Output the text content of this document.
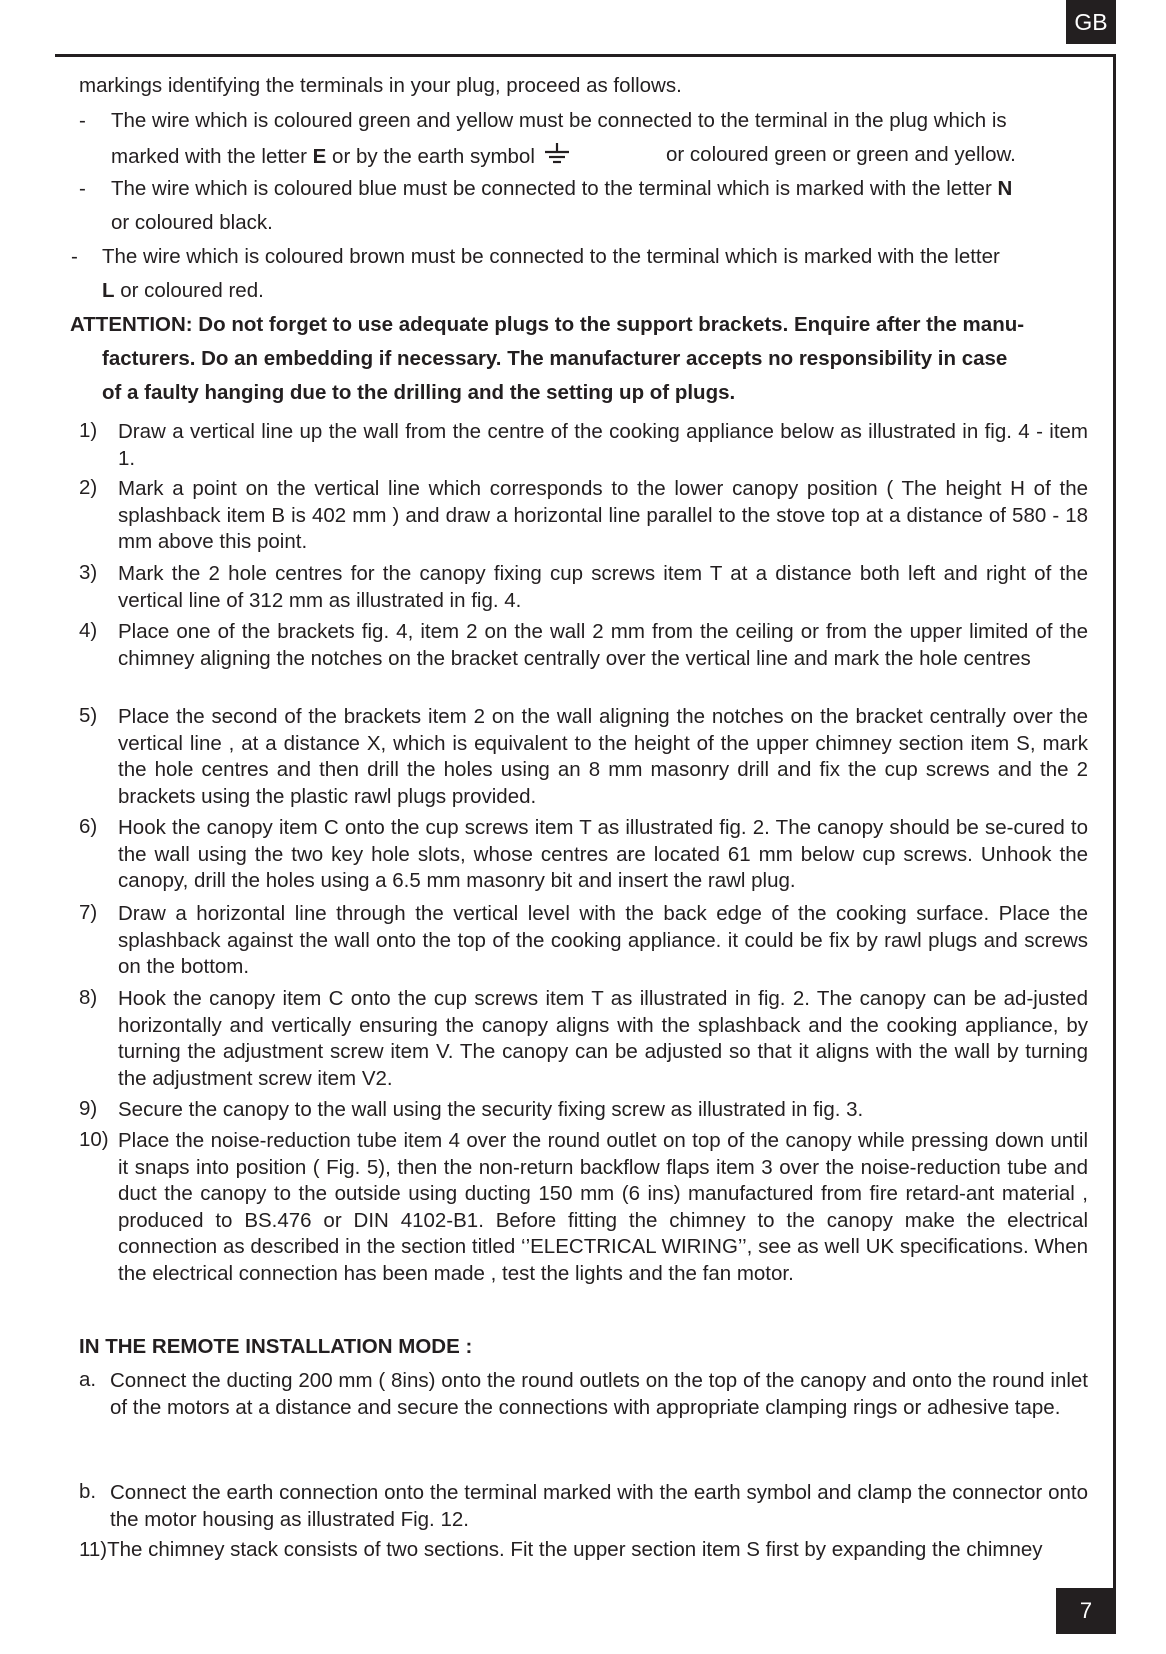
GB
markings identifying the terminals in your plug, proceed as follows.
- The wire which is coloured green and yellow must be connected to the terminal in the plug which is
marked with the letter E or by the earth symbol	or coloured green or green and yellow.
- The wire which is coloured blue must be connected to the terminal which is marked with the letter N
or coloured black.
- The wire which is coloured brown must be connected to the terminal which is marked with the letter
L or coloured red.
ATTENTION: Do not forget to use adequate plugs to the support brackets. Enquire after the manu-
facturers. Do an embedding if necessary. The manufacturer accepts no responsibility in case
of a faulty hanging due to the drilling and the setting up of plugs.
1) Draw a vertical line up the wall from the centre of the cooking appliance below as illustrated in fig. 4 - item 1.
2) Mark a point on the vertical line which corresponds to the lower canopy position ( The height H of the splashback item B is 402 mm ) and draw a horizontal line parallel to the stove top at a distance of 580 - 18 mm above this point.
3) Mark the 2 hole centres for the canopy fixing cup screws item T at a distance both left and right of the vertical line of 312 mm as illustrated in fig. 4.
4) Place one of the brackets fig. 4, item 2 on the wall 2 mm from the ceiling or from the upper limited of the chimney aligning the notches on the bracket centrally over the vertical line and mark the hole centres
5) Place the second of the brackets item 2 on the wall aligning the notches on the bracket centrally over the vertical line , at a distance X, which is equivalent to the height of the upper chimney section item S, mark the hole centres and then drill the holes using an 8 mm masonry drill and fix the cup screws and the 2 brackets using the plastic rawl plugs provided.
6) Hook the canopy item C onto the cup screws item T as illustrated fig. 2. The canopy should be se-cured to the wall using the two key hole slots, whose centres are located 61 mm below cup screws. Unhook the canopy, drill the holes using a 6.5 mm masonry bit and insert the rawl plug.
7) Draw a horizontal line through the vertical level with the back edge of the cooking surface. Place the splashback against the wall onto the top of the cooking appliance. it could be fix by rawl plugs and screws on the bottom.
8) Hook the canopy item C onto the cup screws item T as illustrated in fig. 2. The canopy can be ad-justed horizontally and vertically ensuring the canopy aligns with the splashback and the cooking appliance, by turning the adjustment screw item V. The canopy can be adjusted so that it aligns with the wall by turning the adjustment screw item V2.
9) Secure the canopy to the wall using the security fixing screw as illustrated in fig. 3.
10) Place the noise-reduction tube item 4 over the round outlet on top of the canopy while pressing down until it snaps into position ( Fig. 5), then the non-return backflow flaps item 3 over the noise-reduction tube and duct the canopy to the outside using ducting 150 mm (6 ins) manufactured from fire retard-ant material , produced to BS.476 or DIN 4102-B1. Before fitting the chimney to the canopy make the electrical connection as described in the section titled ‘’ELECTRICAL WIRING’’, see as well UK specifications. When the electrical connection has been made , test the lights and the fan motor.
IN THE REMOTE INSTALLATION MODE :
a. Connect the ducting 200 mm ( 8ins) onto the round outlets on the top of the canopy and onto the round inlet of the motors at a distance and secure the connections with appropriate clamping rings or adhesive tape.
b. Connect the earth connection onto the terminal marked with the earth symbol and clamp the connector onto the motor housing as illustrated Fig. 12.
11)The chimney stack consists of two sections. Fit the upper section item S first by expanding the chimney
7
